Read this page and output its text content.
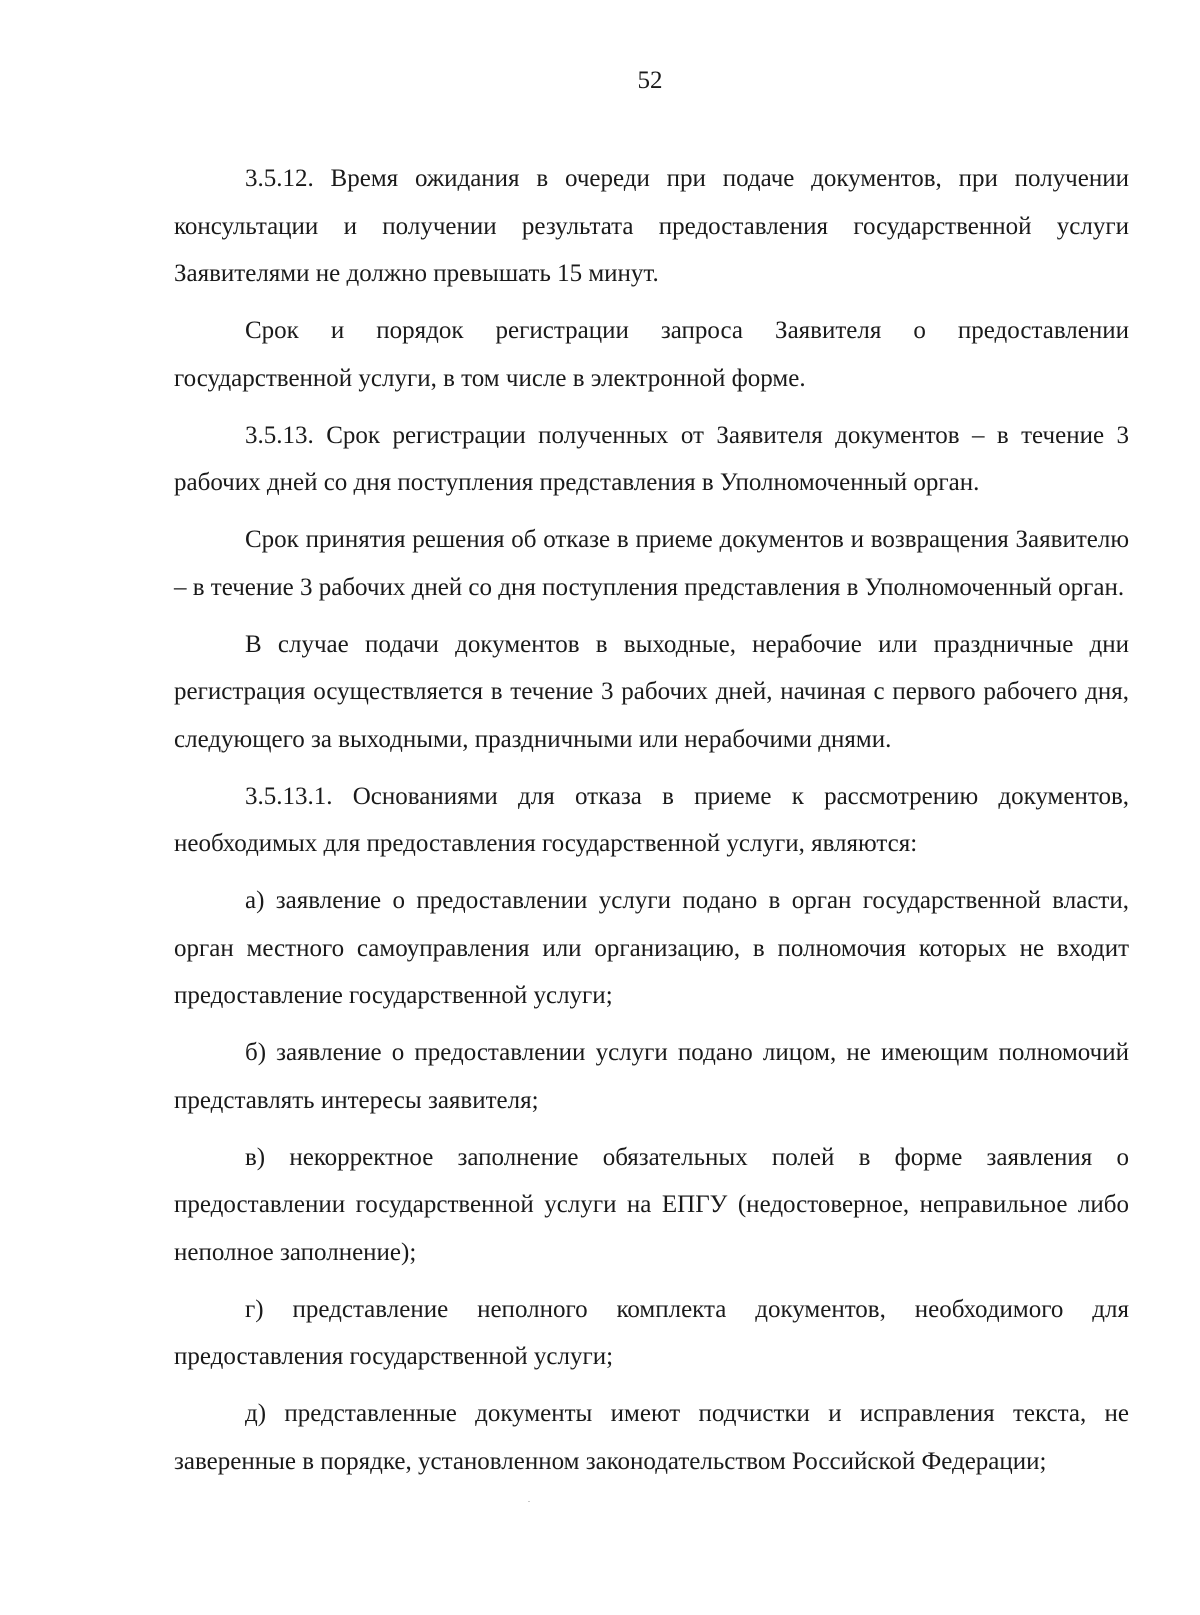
52

3.5.12. Время ожидания в очереди при подаче документов, при получении консультации и получении результата предоставления государственной услуги Заявителями не должно превышать 15 минут.

Срок и порядок регистрации запроса Заявителя о предоставлении государственной услуги, в том числе в электронной форме.

3.5.13. Срок регистрации полученных от Заявителя документов – в течение 3 рабочих дней со дня поступления представления в Уполномоченный орган.

Срок принятия решения об отказе в приеме документов и возвращения Заявителю – в течение 3 рабочих дней со дня поступления представления в Уполномоченный орган.

В случае подачи документов в выходные, нерабочие или праздничные дни регистрация осуществляется в течение 3 рабочих дней, начиная с первого рабочего дня, следующего за выходными, праздничными или нерабочими днями.

3.5.13.1. Основаниями для отказа в приеме к рассмотрению документов, необходимых для предоставления государственной услуги, являются:

а) заявление о предоставлении услуги подано в орган государственной власти, орган местного самоуправления или организацию, в полномочия которых не входит предоставление государственной услуги;

б) заявление о предоставлении услуги подано лицом, не имеющим полномочий представлять интересы заявителя;

в) некорректное заполнение обязательных полей в форме заявления о предоставлении государственной услуги на ЕПГУ (недостоверное, неправильное либо неполное заполнение);

г) представление неполного комплекта документов, необходимого для предоставления государственной услуги;

д) представленные документы имеют подчистки и исправления текста, не заверенные в порядке, установленном законодательством Российской Федерации;
